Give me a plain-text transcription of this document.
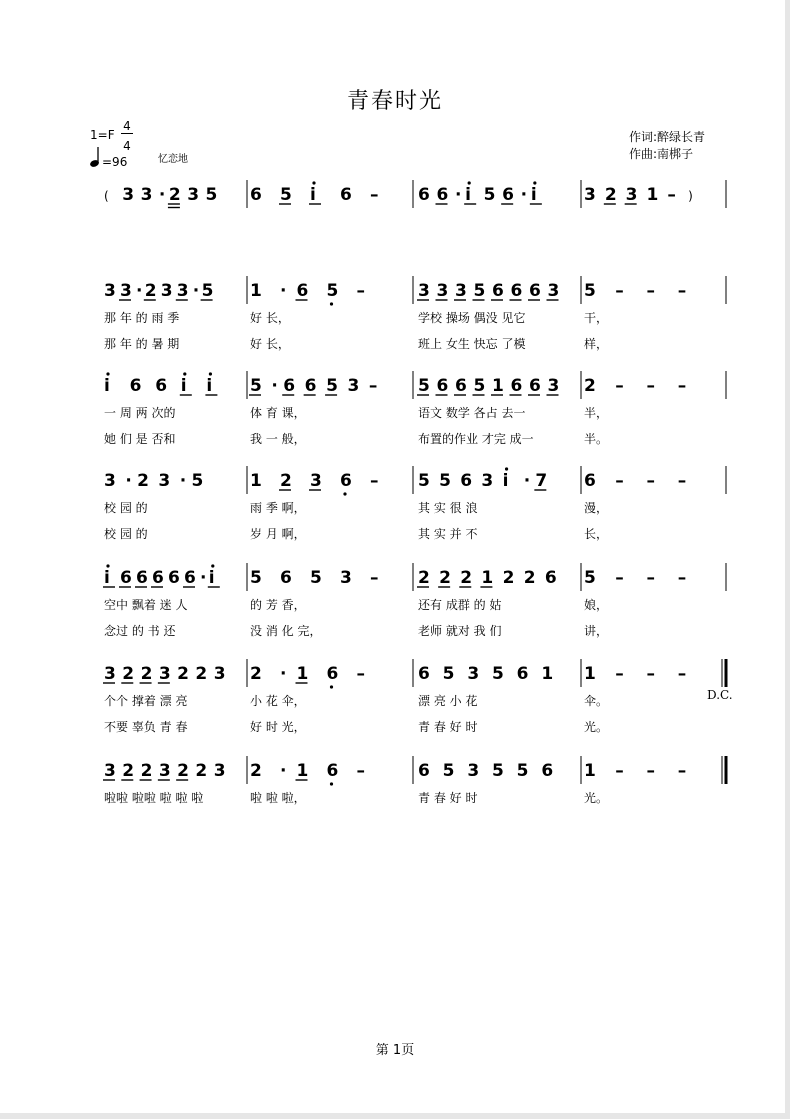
青春时光
1=F
4
4
=96	忆恋地
作词:醉绿长青
作曲:南梆子
( 3 3 · 2 3 5 6 5 i 6 – 6 6 · i 5 6 · i	3 2 3 1 – )
3 3 · 2 3 3 · 5
那 年 的 雨 季
那 年 的 暑 期
1 · 6 5 –
好 长，
好 长，
3 3 3 5 6 6 6 3
学校 操场 偶没 见它
班上 女生 快忘 了模
5 – – –
干，
样，
i 6 6 i i
一 周 两 次的
她 们 是 否和
5 · 6 6 5 3 –
体 育 课，
我 一 般，
5 6 6 5 1 6 6 3
语文 数学 各占 去一
布置的作业 才完 成一
2 – – –
半，
半。
3 · 2 3 · 5
校 园 的
校 园 的
1 2 3 6 –
雨 季 啊，
岁 月 啊，
5 5 6 3 i · 7
其 实 很 浪
其 实 并 不
6 – – –
漫，
长，
i 6 6 6 6 6 · i
空中 飘着 迷 人
念过 的 书 还
5 6 5 3 –
的 芳 香，
没 消 化 完，
2 2 2 1 2 2 6
还有 成群 的 姑
老师 就对 我 们
5 – – –
娘，
讲，
3 2 2 3 2 2 3
个个 撑着 漂 亮
不要 辜负 青 春
2 · 1 6 –
小 花 伞，
好 时 光，
6 5 3 5 6 1
漂 亮 小 花
青 春 好 时
1 – – –
伞。
光。
3 2 2 3 2 2 3
啦啦 啦啦 啦 啦 啦
2 · 1 6 –
啦 啦 啦，
6 5 3 5 5 6
青 春 好 时
1 – – –
光。
D.C.
第 1页
